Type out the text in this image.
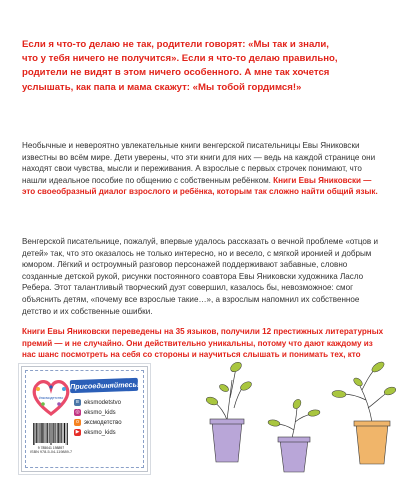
Если я что-то делаю не так, родители говорят: «Мы так и знали,
что у тебя ничего не получится». Если я что-то делаю правильно,
родители не видят в этом ничего особенного. А мне так хочется
услышать, как папа и мама скажут: «Мы тобой гордимся!»

Необычные и невероятно увлекательные книги венгерской писательницы Евы Яниковски известны во всём мире. Дети уверены, что эти книги для них — ведь на каждой странице они находят свои чувства, мысли и переживания. А взрослые с первых строчек понимают, что нашли идеальное пособие по общению с собственным ребёнком. Книги Евы Яниковски — это своеобразный диалог взрослого и ребёнка, которым так сложно найти общий язык.

Венгерской писательнице, пожалуй, впервые удалось рассказать о вечной проблеме «отцов и детей» так, что это оказалось не только интересно, но и весело, с мягкой иронией и добрым юмором. Лёгкий и остроумный разговор персонажей поддерживают забавные, словно созданные детской рукой, рисунки постоянного соавтора Евы Яниковски художника Ласло Ребера. Этот талантливый творческий дуэт совершил, казалось бы, невозможное: смог объяснить детям, «почему все взрослые такие…», а взрослым напомнил их собственное детство и их собственные ошибки.

Книги Евы Яниковски переведены на 35 языков, получили 12 престижных литературных премий — и не случайно. Они действительно уникальны, потому что дают каждому из нас шанс посмотреть на себя со стороны и научиться слышать и понимать тех, кто

#эксмодетство
Присоединяйтесь!
в eksmodetstvo
◎ eksmo_kids
о эксмодетство
▶ eksmo_kids
9 785041 198897
ISBN 978-5-04-119889-7
